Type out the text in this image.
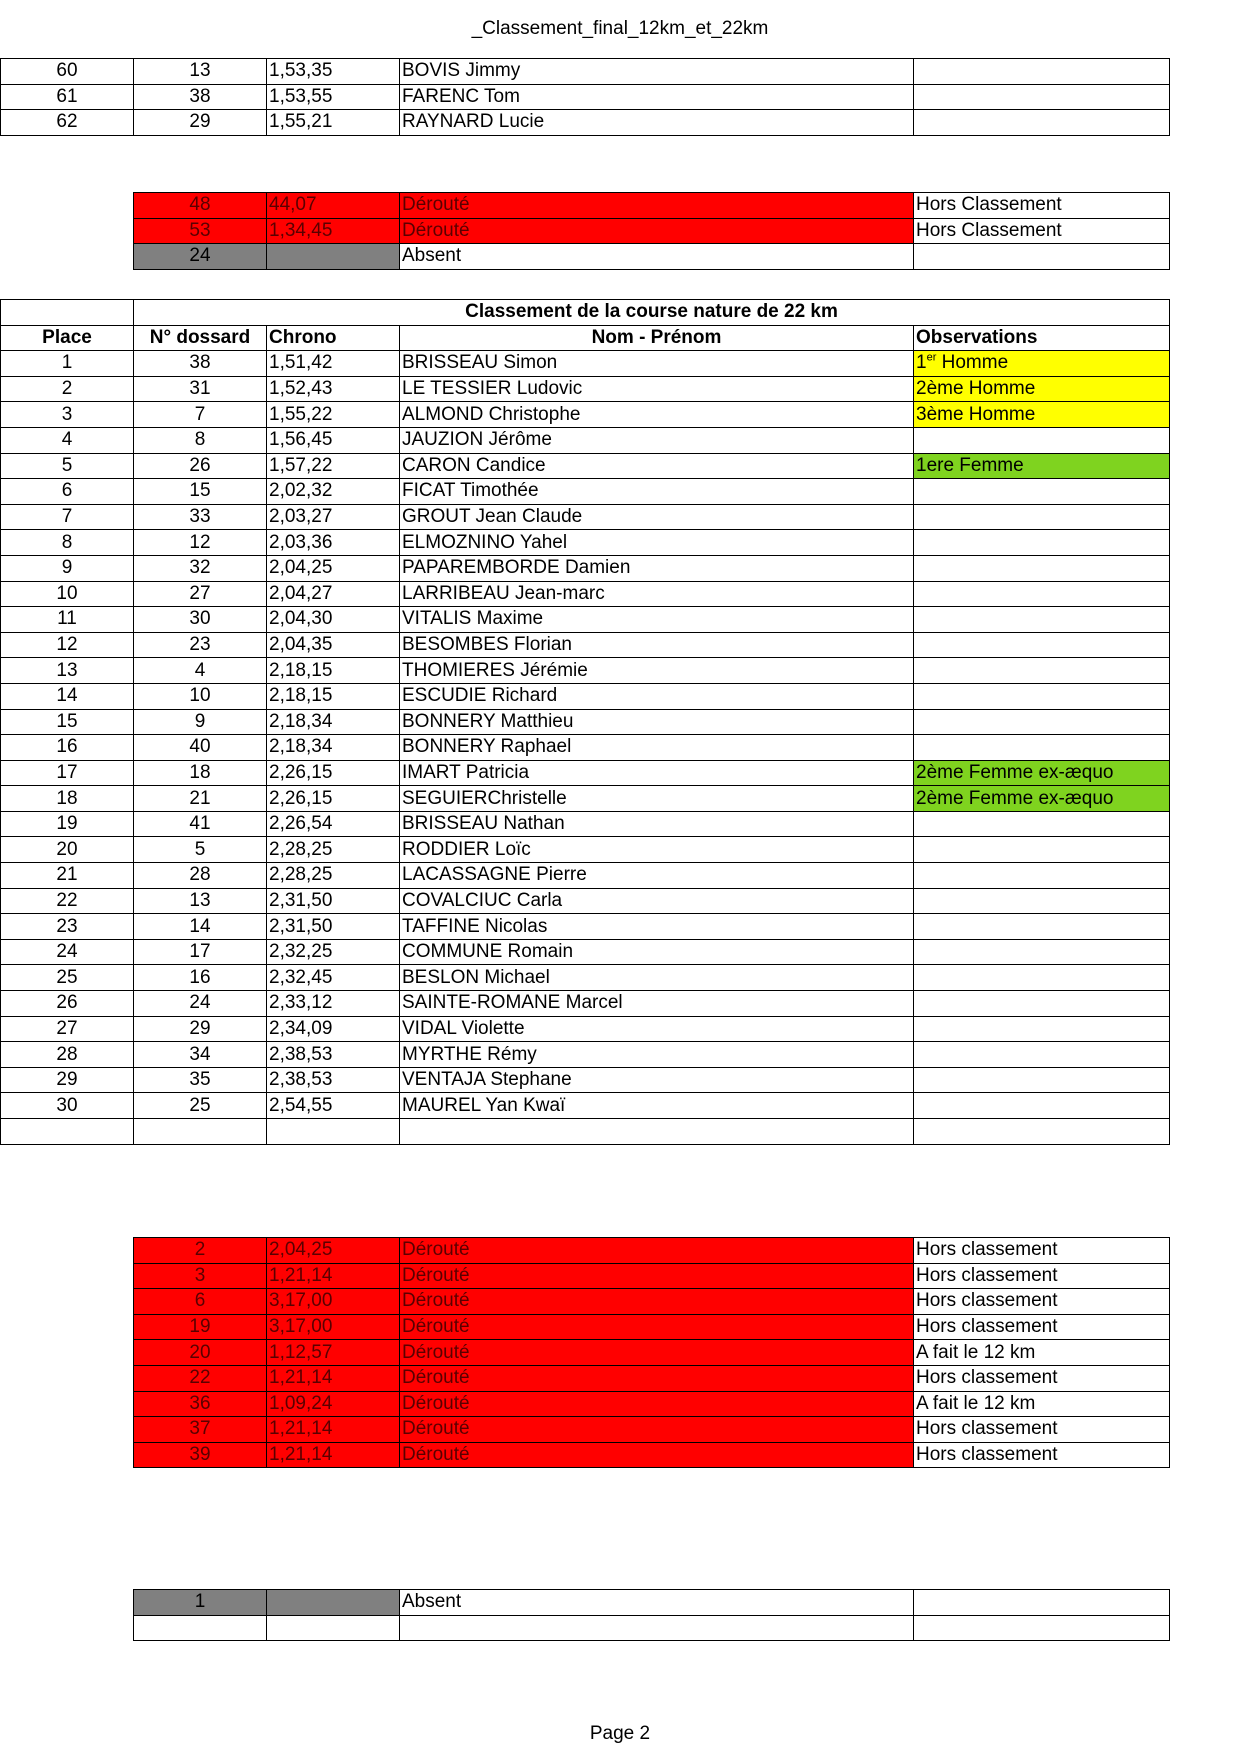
_Classement_final_12km_et_22km
60	13	1,53,35	BOVIS Jimmy	
61	38	1,53,55	FARENC Tom	
62	29	1,55,21	RAYNARD Lucie	
48	44,07	Dérouté	Hors Classement
53	1,34,45	Dérouté	Hors Classement
24		Absent	
	Classement de la course nature de 22 km			
Place	N° dossard	Chrono	Nom - Prénom	Observations
1	38	1,51,42	BRISSEAU Simon	1er Homme
2	31	1,52,43	LE TESSIER Ludovic	2ème Homme
3	7	1,55,22	ALMOND Christophe	3ème Homme
4	8	1,56,45	JAUZION Jérôme	
5	26	1,57,22	CARON Candice	1ere Femme
6	15	2,02,32	FICAT Timothée	
7	33	2,03,27	GROUT Jean Claude	
8	12	2,03,36	ELMOZNINO Yahel	
9	32	2,04,25	PAPAREMBORDE Damien	
10	27	2,04,27	LARRIBEAU Jean-marc	
11	30	2,04,30	VITALIS Maxime	
12	23	2,04,35	BESOMBES Florian	
13	4	2,18,15	THOMIERES Jérémie	
14	10	2,18,15	ESCUDIE Richard	
15	9	2,18,34	BONNERY Matthieu	
16	40	2,18,34	BONNERY Raphael	
17	18	2,26,15	IMART Patricia	2ème Femme ex-æquo
18	21	2,26,15	SEGUIERChristelle	2ème Femme ex-æquo
19	41	2,26,54	BRISSEAU Nathan	
20	5	2,28,25	RODDIER Loïc	
21	28	2,28,25	LACASSAGNE Pierre	
22	13	2,31,50	COVALCIUC Carla	
23	14	2,31,50	TAFFINE Nicolas	
24	17	2,32,25	COMMUNE Romain	
25	16	2,32,45	BESLON Michael	
26	24	2,33,12	SAINTE-ROMANE Marcel	
27	29	2,34,09	VIDAL Violette	
28	34	2,38,53	MYRTHE Rémy	
29	35	2,38,53	VENTAJA Stephane	
30	25	2,54,55	MAUREL Yan Kwaï	

2	2,04,25	Dérouté	Hors classement
3	1,21,14	Dérouté	Hors classement
6	3,17,00	Dérouté	Hors classement
19	3,17,00	Dérouté	Hors classement
20	1,12,57	Dérouté	A fait le 12 km
22	1,21,14	Dérouté	Hors classement
36	1,09,24	Dérouté	A fait le 12 km
37	1,21,14	Dérouté	Hors classement
39	1,21,14	Dérouté	Hors classement
1		Absent	

Page 2
